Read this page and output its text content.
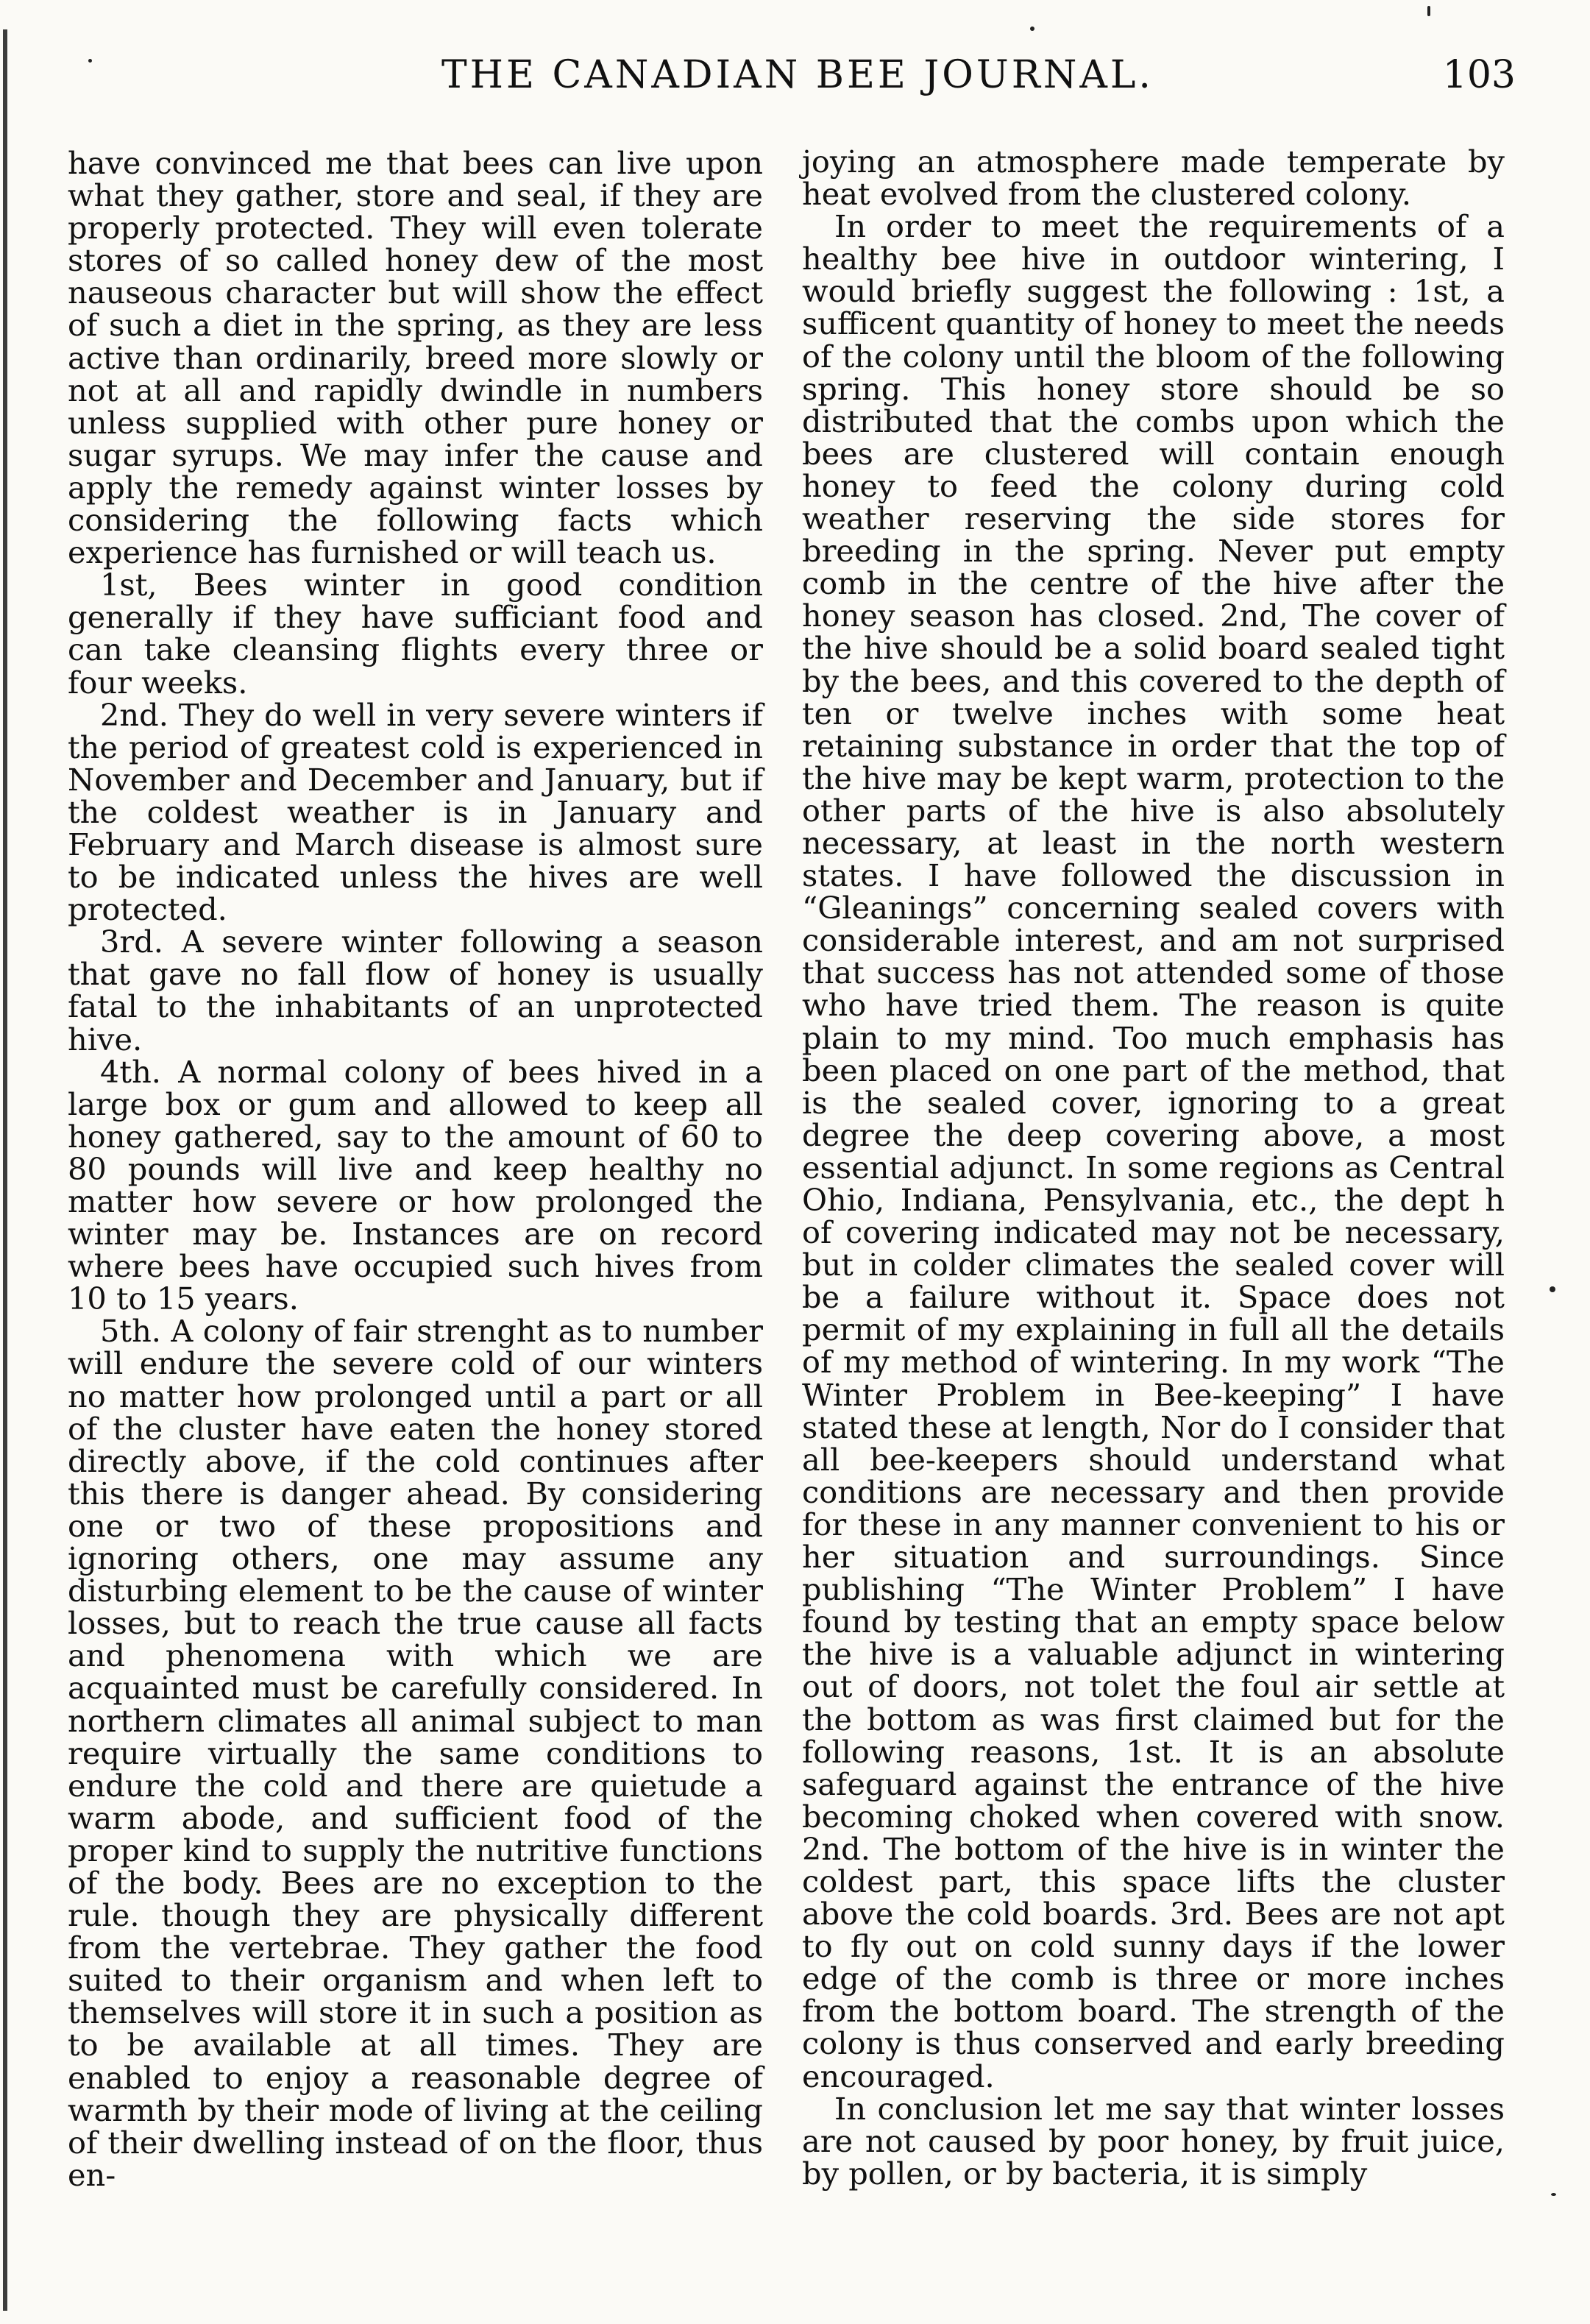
THE CANADIAN BEE JOURNAL.	103

have convinced me that bees can live upon what they gather, store and seal, if they are properly protected. They will even tolerate stores of so called honey dew of the most nauseous character but will show the effect of such a diet in the spring, as they are less active than ordinarily, breed more slowly or not at all and rapidly dwindle in numbers unless supplied with other pure honey or sugar syrups. We may infer the cause and apply the remedy against winter losses by considering the following facts which experience has furnished or will teach us.

1st, Bees winter in good condition generally if they have sufficiant food and can take cleansing flights every three or four weeks.

2nd. They do well in very severe winters if the period of greatest cold is experienced in November and December and January, but if the coldest weather is in January and February and March disease is almost sure to be indicated unless the hives are well protected.

3rd. A severe winter following a season that gave no fall flow of honey is usually fatal to the inhabitants of an unprotected hive.

4th. A normal colony of bees hived in a large box or gum and allowed to keep all honey gathered, say to the amount of 60 to 80 pounds will live and keep healthy no matter how severe or how prolonged the winter may be. Instances are on record where bees have occupied such hives from 10 to 15 years.

5th. A colony of fair strenght as to number will endure the severe cold of our winters no matter how prolonged until a part or all of the cluster have eaten the honey stored directly above, if the cold continues after this there is danger ahead. By considering one or two of these propositions and ignoring others, one may assume any disturbing element to be the cause of winter losses, but to reach the true cause all facts and phenomena with which we are acquainted must be carefully considered. In northern climates all animal subject to man require virtually the same conditions to endure the cold and there are quietude a warm abode, and sufficient food of the proper kind to supply the nutritive functions of the body. Bees are no exception to the rule. though they are physically different from the vertebrae. They gather the food suited to their organism and when left to themselves will store it in such a position as to be available at all times. They are enabled to enjoy a reasonable degree of warmth by their mode of living at the ceiling of their dwelling instead of on the floor, thus en-

joying an atmosphere made temperate by heat evolved from the clustered colony.

In order to meet the requirements of a healthy bee hive in outdoor wintering, I would briefly suggest the following : 1st, a sufficent quantity of honey to meet the needs of the colony until the bloom of the following spring. This honey store should be so distributed that the combs upon which the bees are clustered will contain enough honey to feed the colony during cold weather reserving the side stores for breeding in the spring. Never put empty comb in the centre of the hive after the honey season has closed. 2nd, The cover of the hive should be a solid board sealed tight by the bees, and this covered to the depth of ten or twelve inches with some heat retaining substance in order that the top of the hive may be kept warm, protection to the other parts of the hive is also absolutely necessary, at least in the north western states. I have followed the discussion in “Gleanings” concerning sealed covers with considerable interest, and am not surprised that success has not attended some of those who have tried them. The reason is quite plain to my mind. Too much emphasis has been placed on one part of the method, that is the sealed cover, ignoring to a great degree the deep covering above, a most essential adjunct. In some regions as Central Ohio, Indiana, Pensylvania, etc., the dept h of covering indicated may not be necessary, but in colder climates the sealed cover will be a failure without it. Space does not permit of my explaining in full all the details of my method of wintering. In my work “The Winter Problem in Bee-keeping” I have stated these at length, Nor do I consider that all bee-keepers should understand what conditions are necessary and then provide for these in any manner convenient to his or her situation and surroundings. Since publishing “The Winter Problem” I have found by testing that an empty space below the hive is a valuable adjunct in wintering out of doors, not tolet the foul air settle at the bottom as was first claimed but for the following reasons, 1st. It is an absolute safeguard against the entrance of the hive becoming choked when covered with snow. 2nd. The bottom of the hive is in winter the coldest part, this space lifts the cluster above the cold boards. 3rd. Bees are not apt to fly out on cold sunny days if the lower edge of the comb is three or more inches from the bottom board. The strength of the colony is thus conserved and early breeding encouraged.

In conclusion let me say that winter losses are not caused by poor honey, by fruit juice, by pollen, or by bacteria, it is simply
